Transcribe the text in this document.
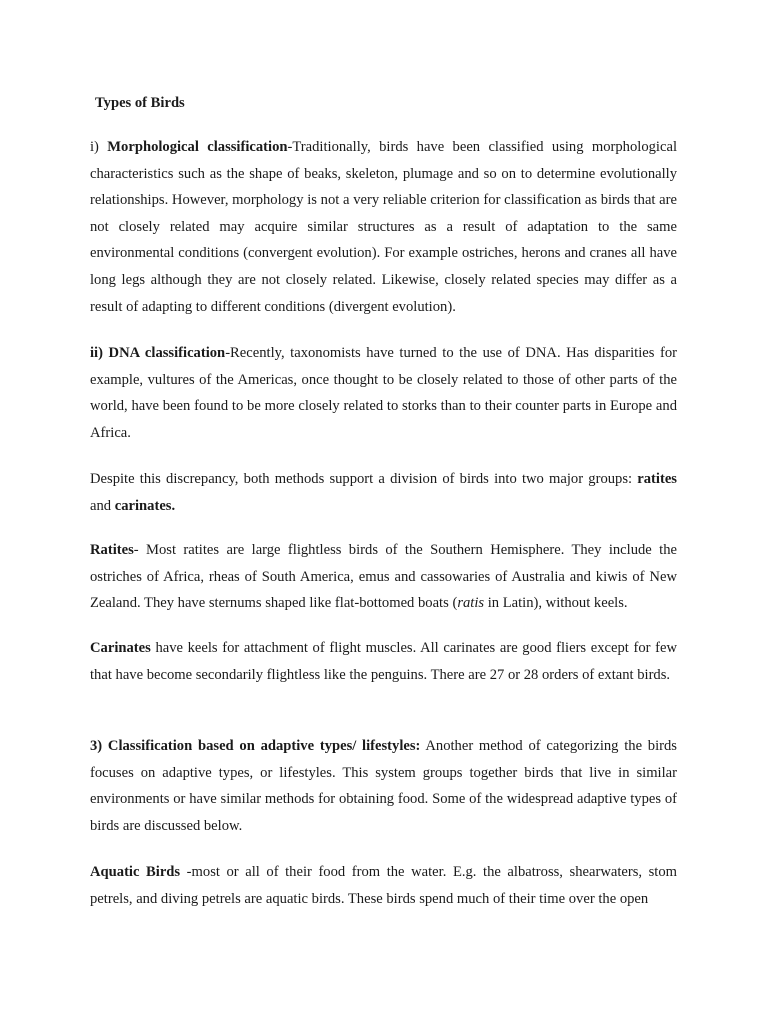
Types of Birds

i) Morphological classification-Traditionally, birds have been classified using morphological characteristics such as the shape of beaks, skeleton, plumage and so on to determine evolutionally relationships. However, morphology is not a very reliable criterion for classification as birds that are not closely related may acquire similar structures as a result of adaptation to the same environmental conditions (convergent evolution). For example ostriches, herons and cranes all have long legs although they are not closely related. Likewise, closely related species may differ as a result of adapting to different conditions (divergent evolution).

ii) DNA classification-Recently, taxonomists have turned to the use of DNA. Has disparities for example, vultures of the Americas, once thought to be closely related to those of other parts of the world, have been found to be more closely related to storks than to their counter parts in Europe and Africa.

Despite this discrepancy, both methods support a division of birds into two major groups: ratites and carinates.

Ratites- Most ratites are large flightless birds of the Southern Hemisphere. They include the ostriches of Africa, rheas of South America, emus and cassowaries of Australia and kiwis of New Zealand. They have sternums shaped like flat-bottomed boats (ratis in Latin), without keels.

Carinates have keels for attachment of flight muscles. All carinates are good fliers except for few that have become secondarily flightless like the penguins. There are 27 or 28 orders of extant birds.

3) Classification based on adaptive types/ lifestyles: Another method of categorizing the birds focuses on adaptive types, or lifestyles. This system groups together birds that live in similar environments or have similar methods for obtaining food. Some of the widespread adaptive types of birds are discussed below.

Aquatic Birds -most or all of their food from the water. E.g. the albatross, shearwaters, stom petrels, and diving petrels are aquatic birds. These birds spend much of their time over the open
